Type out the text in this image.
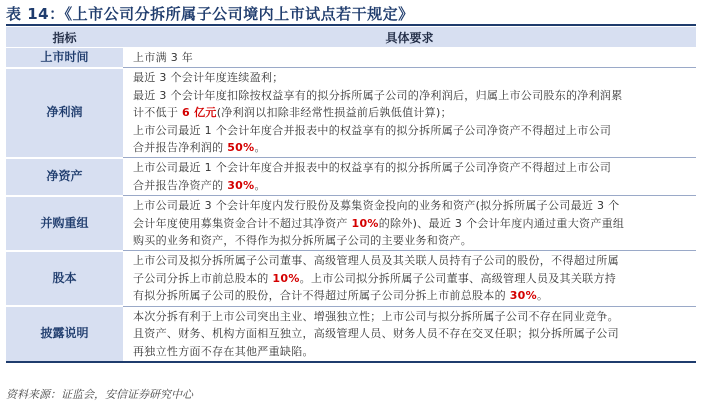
表 14：《上市公司分拆所属子公司境内上市试点若干规定》
指标	具体要求
上市时间	上市满 3 年

净利润	最近 3 个会计年度连续盈利；
最近 3 个会计年度扣除按权益享有的拟分拆所属子公司的净利润后，归属上市公司股东的净利润累
计不低于 6 亿元(净利润以扣除非经常性损益前后孰低值计算)；
上市公司最近 1 个会计年度合并报表中的权益享有的拟分拆所属子公司净资产不得超过上市公司
合并报告净利润的 50%。

净资产	上市公司最近 1 个会计年度合并报表中的权益享有的拟分拆所属子公司净资产不得超过上市公司
合并报告净资产的 30%。

并购重组	上市公司最近 3 个会计年度内发行股份及募集资金投向的业务和资产(拟分拆所属子公司最近 3 个
会计年度使用募集资金合计不超过其净资产 10%的除外)、最近 3 个会计年度内通过重大资产重组
购买的业务和资产，不得作为拟分拆所属子公司的主要业务和资产。

股本	上市公司及拟分拆所属子公司董事、高级管理人员及其关联人员持有子公司的股份，不得超过所属
子公司分拆上市前总股本的 10%。上市公司拟分拆所属子公司董事、高级管理人员及其关联方持
有拟分拆所属子公司的股份，合计不得超过所属子公司分拆上市前总股本的 30%。

披露说明	本次分拆有利于上市公司突出主业、增强独立性；上市公司与拟分拆所属子公司不存在同业竞争。
且资产、财务、机构方面相互独立，高级管理人员、财务人员不存在交叉任职；拟分拆所属子公司
再独立性方面不存在其他严重缺陷。
资料来源：证监会，安信证券研究中心
